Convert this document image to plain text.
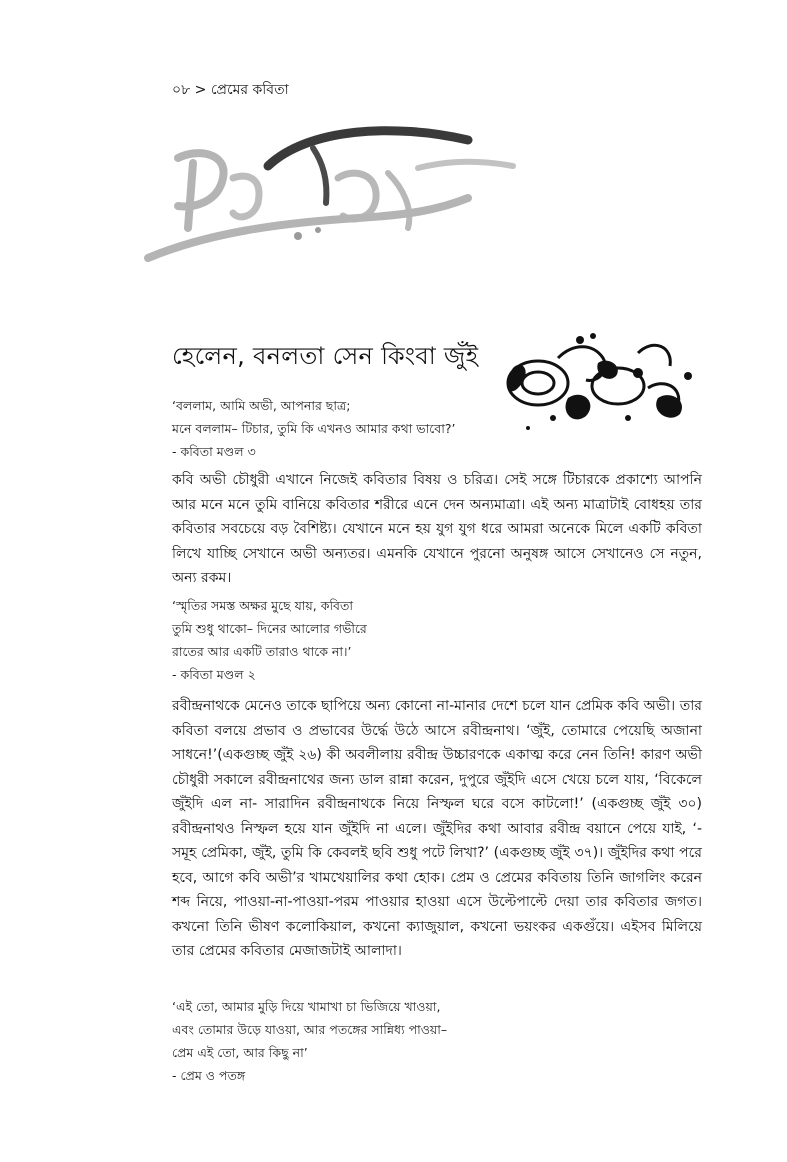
০৮ > প্রেমের কবিতা
হেলেন, বনলতা সেন কিংবা জুঁই
‘বললাম, আমি অভী, আপনার ছাত্র;
মনে বললাম– টিচার, তুমি কি এখনও আমার কথা ভাবো?’
- কবিতা মণ্ডল ৩
কবি অভী চৌধুরী এখানে নিজেই কবিতার বিষয় ও চরিত্র। সেই সঙ্গে টিচারকে প্রকাশ্যে আপনি আর মনে মনে তুমি বানিয়ে কবিতার শরীরে এনে দেন অন্যমাত্রা। এই অন্য মাত্রাটাই বোধহয় তার কবিতার সবচেয়ে বড় বৈশিষ্ট্য। যেখানে মনে হয় যুগ যুগ ধরে আমরা অনেকে মিলে একটি কবিতা লিখে যাচ্ছি সেখানে অভী অন্যতর। এমনকি যেখানে পুরনো অনুষঙ্গ আসে সেখানেও সে নতুন, অন্য রকম।
‘স্মৃতির সমস্ত অক্ষর মুছে যায়, কবিতা
তুমি শুধু থাকো– দিনের আলোর গভীরে
রাতের আর একটি তারাও থাকে না।’
- কবিতা মণ্ডল ২
রবীন্দ্রনাথকে মেনেও তাকে ছাপিয়ে অন্য কোনো না-মানার দেশে চলে যান প্রেমিক কবি অভী। তার কবিতা বলয়ে প্রভাব ও প্রভাবের উর্দ্ধে উঠে আসে রবীন্দ্রনাথ। ‘জুঁই, তোমারে পেয়েছি অজানা সাধনে!’(একগুচ্ছ জুঁই ২৬) কী অবলীলায় রবীন্দ্র উচ্চারণকে একাত্ম করে নেন তিনি! কারণ অভী চৌধুরী সকালে রবীন্দ্রনাথের জন্য ডাল রান্না করেন, দুপুরে জুঁইদি এসে খেয়ে চলে যায়, ‘বিকেলে জুঁইদি এল না- সারাদিন রবীন্দ্রনাথকে নিয়ে নিস্ফল ঘরে বসে কাটলো!’ (একগুচ্ছ জুঁই ৩০) রবীন্দ্রনাথও নিস্ফল হয়ে যান জুঁইদি না এলে। জুঁইদির কথা আবার রবীন্দ্র বয়ানে পেয়ে যাই, ‘- সমূহ প্রেমিকা, জুঁই, তুমি কি কেবলই ছবি শুধু পটে লিখা?’ (একগুচ্ছ জুঁই ৩৭)। জুঁইদির কথা পরে হবে, আগে কবি অভী’র খামখেয়ালির কথা হোক। প্রেম ও প্রেমের কবিতায় তিনি জাগলিং করেন শব্দ নিয়ে, পাওয়া-না-পাওয়া-পরম পাওয়ার হাওয়া এসে উল্টেপাল্টে দেয়া তার কবিতার জগত। কখনো তিনি ভীষণ কলোকিয়াল, কখনো ক্যাজুয়াল, কখনো ভয়ংকর একগুঁয়ে। এইসব মিলিয়ে তার প্রেমের কবিতার মেজাজটাই আলাদা।
‘এই তো, আমার মুড়ি দিয়ে খামাখা চা ভিজিয়ে খাওয়া,
এবং তোমার উড়ে যাওয়া, আর পতঙ্গের সান্নিধ্য পাওয়া–
প্রেম এই তো, আর কিছু না’
- প্রেম ও পতঙ্গ
